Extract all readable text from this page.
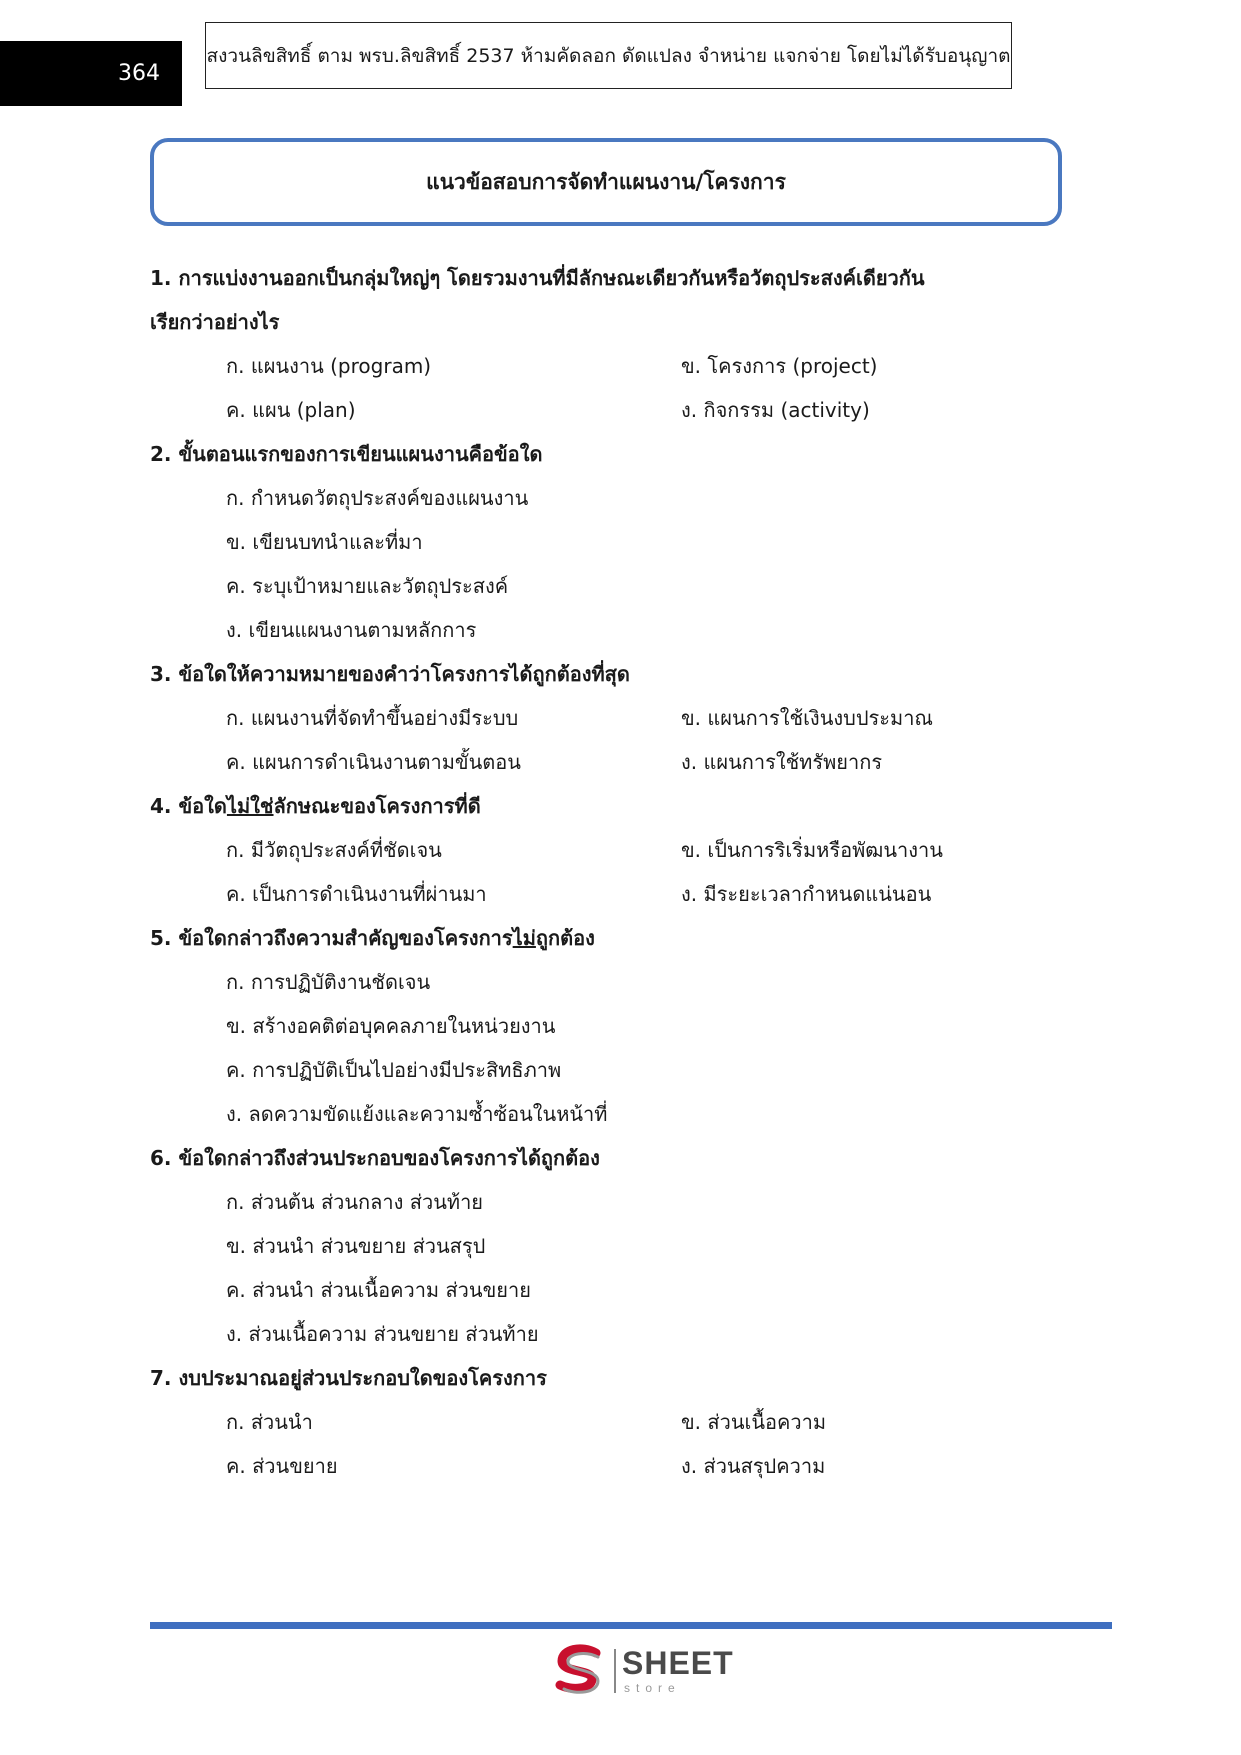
364
สงวนลิขสิทธิ์ ตาม พรบ.ลิขสิทธิ์ 2537 ห้ามคัดลอก ดัดแปลง จำหน่าย แจกจ่าย โดยไม่ได้รับอนุญาต
แนวข้อสอบการจัดทำแผนงาน/โครงการ
1. การแบ่งงานออกเป็นกลุ่มใหญ่ๆ โดยรวมงานที่มีลักษณะเดียวกันหรือวัตถุประสงค์เดียวกัน
เรียกว่าอย่างไร
ก. แผนงาน (program)	ข. โครงการ (project)
ค. แผน (plan)	ง. กิจกรรม (activity)
2. ขั้นตอนแรกของการเขียนแผนงานคือข้อใด
ก. กำหนดวัตถุประสงค์ของแผนงาน
ข. เขียนบทนำและที่มา
ค. ระบุเป้าหมายและวัตถุประสงค์
ง. เขียนแผนงานตามหลักการ
3. ข้อใดให้ความหมายของคำว่าโครงการได้ถูกต้องที่สุด
ก. แผนงานที่จัดทำขึ้นอย่างมีระบบ	ข. แผนการใช้เงินงบประมาณ
ค. แผนการดำเนินงานตามขั้นตอน	ง. แผนการใช้ทรัพยากร
4. ข้อใดไม่ใช่ลักษณะของโครงการที่ดี
ก. มีวัตถุประสงค์ที่ชัดเจน	ข. เป็นการริเริ่มหรือพัฒนางาน
ค. เป็นการดำเนินงานที่ผ่านมา	ง. มีระยะเวลากำหนดแน่นอน
5. ข้อใดกล่าวถึงความสำคัญของโครงการไม่ถูกต้อง
ก. การปฏิบัติงานชัดเจน
ข. สร้างอคติต่อบุคคลภายในหน่วยงาน
ค. การปฏิบัติเป็นไปอย่างมีประสิทธิภาพ
ง. ลดความขัดแย้งและความซ้ำซ้อนในหน้าที่
6. ข้อใดกล่าวถึงส่วนประกอบของโครงการได้ถูกต้อง
ก. ส่วนต้น ส่วนกลาง ส่วนท้าย
ข. ส่วนนำ ส่วนขยาย ส่วนสรุป
ค. ส่วนนำ ส่วนเนื้อความ ส่วนขยาย
ง. ส่วนเนื้อความ ส่วนขยาย ส่วนท้าย
7. งบประมาณอยู่ส่วนประกอบใดของโครงการ
ก. ส่วนนำ	ข. ส่วนเนื้อความ
ค. ส่วนขยาย	ง. ส่วนสรุปความ
SHEET
store
